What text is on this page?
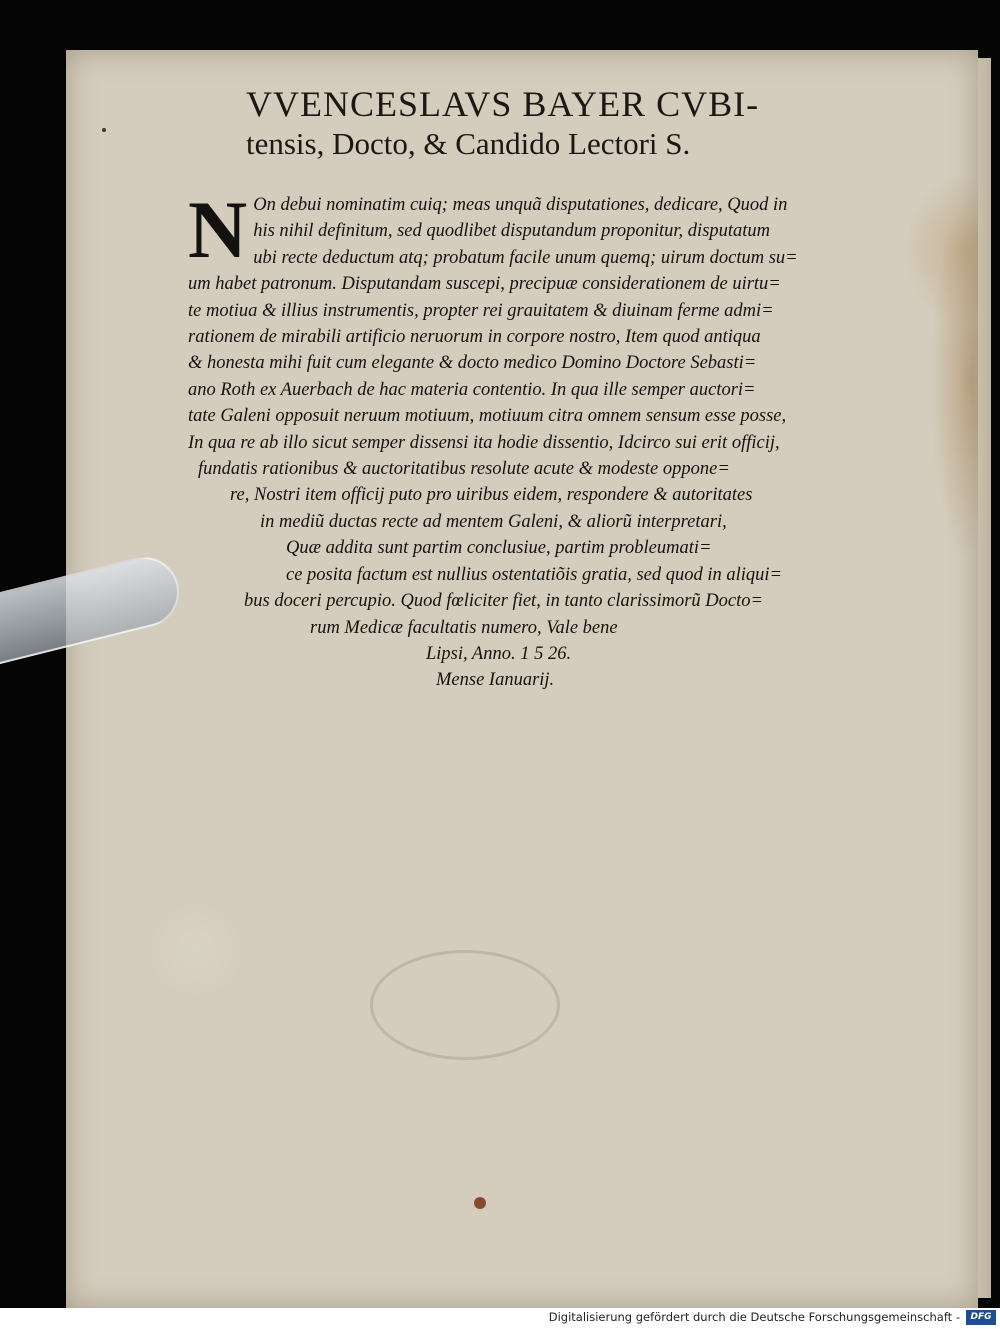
VVENCESLAVS BAYER CVBI-
tensis, Docto, & Candido Lectori S.
N On debui nominatim cuiq; meas unquã disputationes, dedicare, Quod in
his nihil definitum, sed quodlibet disputandum proponitur, disputatum
ubi recte deductum atq; probatum facile unum quemq; uirum doctum su=
um habet patronum. Disputandam suscepi, precipuæ considerationem de uirtu=
te motiua & illius instrumentis, propter rei grauitatem & diuinam ferme admi=
rationem de mirabili artificio neruorum in corpore nostro, Item quod antiqua
& honesta mihi fuit cum elegante & docto medico Domino Doctore Sebasti=
ano Roth ex Auerbach de hac materia contentio. In qua ille semper auctori=
tate Galeni opposuit neruum motiuum, motiuum citra omnem sensum esse posse,
In qua re ab illo sicut semper dissensi ita hodie dissentio, Idcirco sui erit officij,
fundatis rationibus & auctoritatibus resolute acute & modeste oppone=
re, Nostri item officij puto pro uiribus eidem, respondere & autoritates
in mediũ ductas recte ad mentem Galeni, & aliorũ interpretari,
Quæ addita sunt partim conclusiue, partim probleumati=
ce posita factum est nullius ostentatiõis gratia, sed quod in aliqui=
bus doceri percupio. Quod fœliciter fiet, in tanto clarissimorũ Docto=
rum Medicæ facultatis numero, Vale bene
Lipsi, Anno. 1 5 26.
Mense Ianuarij.

Digitalisierung gefördert durch die Deutsche Forschungsgemeinschaft -	DFG
